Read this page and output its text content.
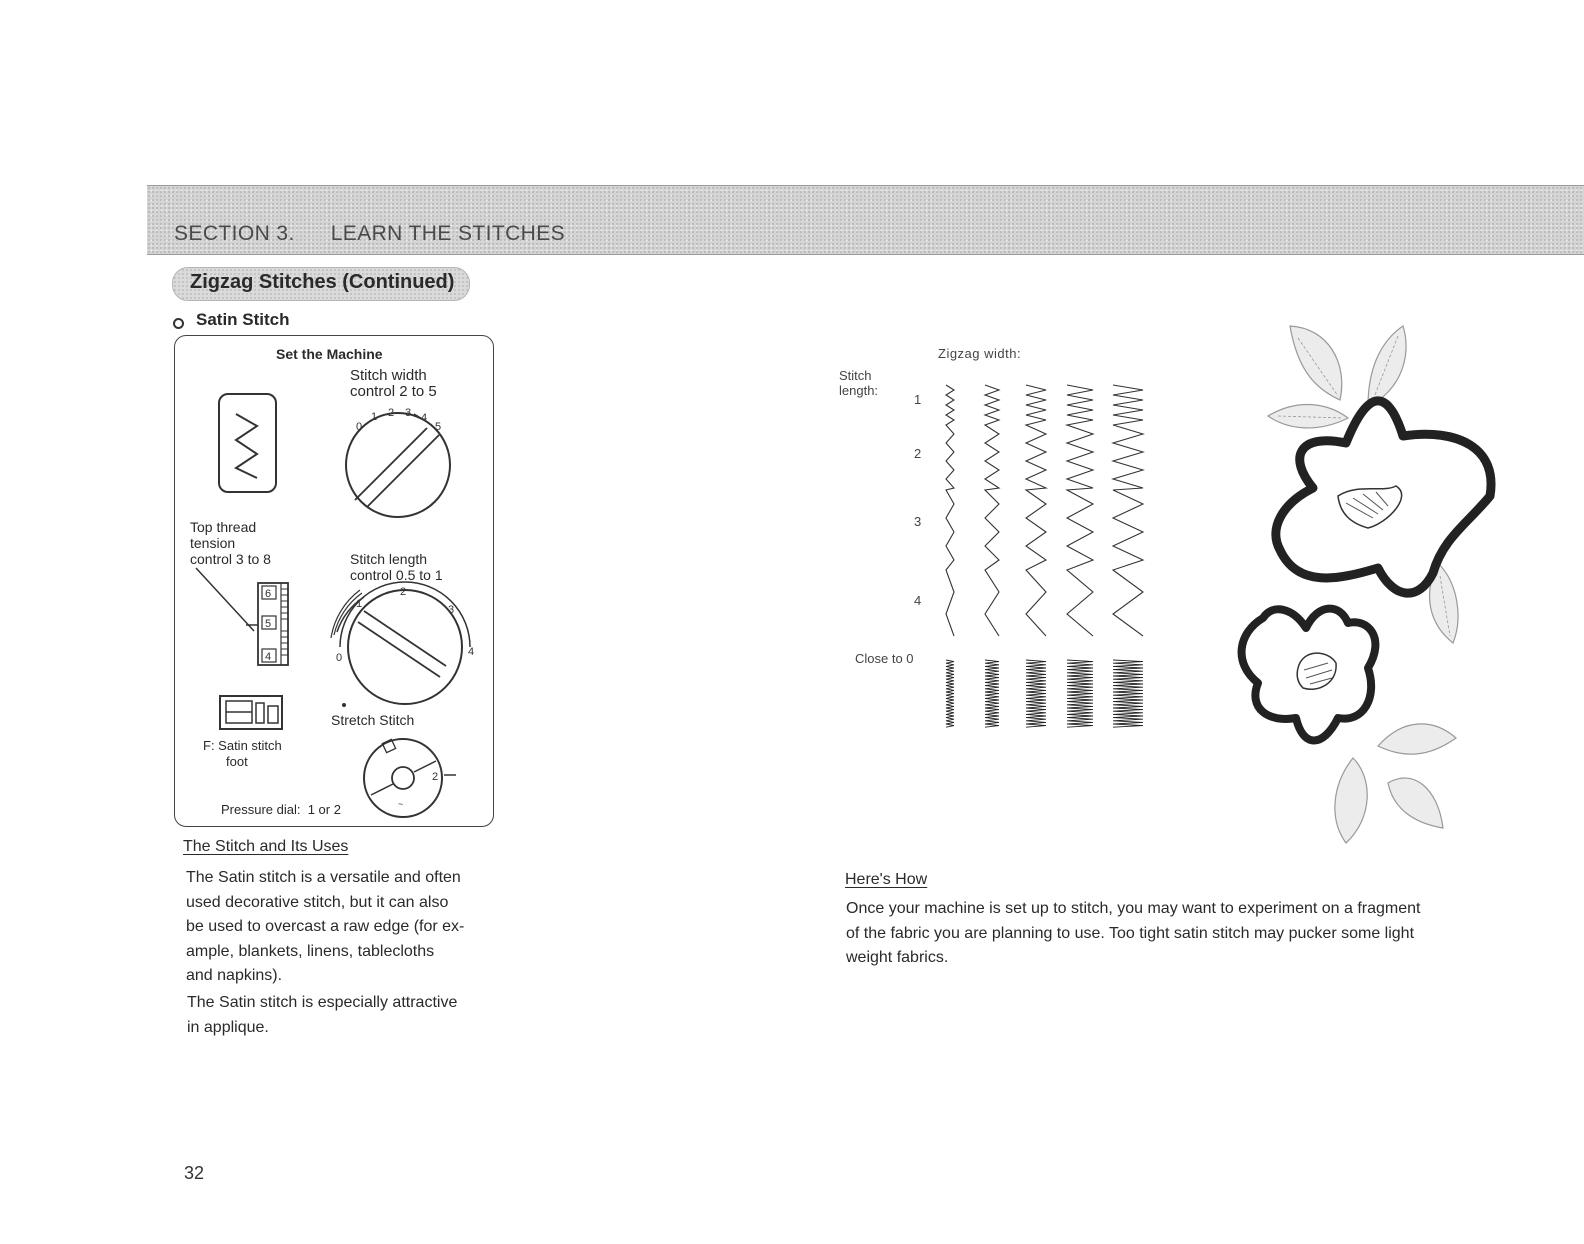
SECTION 3. LEARN THE STITCHES
Zigzag Stitches (Continued)
Satin Stitch
Set the Machine
Stitch width
control 2 to 5
0
1 2 3 4
5
6
5
4	0
1
2
3
4
~
2
Top thread
tension
control 3 to 8	Stitch length
control 0.5 to 1
Stretch Stitch
F: Satin stitch
foot
Pressure dial:  1 or 2
The Stitch and Its Uses
The Satin stitch is a versatile and often
used decorative stitch, but it can also
be used to overcast a raw edge (for ex-
ample, blankets, linens, tablecloths
and napkins).
The Satin stitch is especially attractive
in applique.
Zigzag width:
Stitch
length:
1
2
3
4
Close to 0
Here's How
Once your machine is set up to stitch, you may want to experiment on a fragment
of the fabric you are planning to use. Too tight satin stitch may pucker some light
weight fabrics.
32
